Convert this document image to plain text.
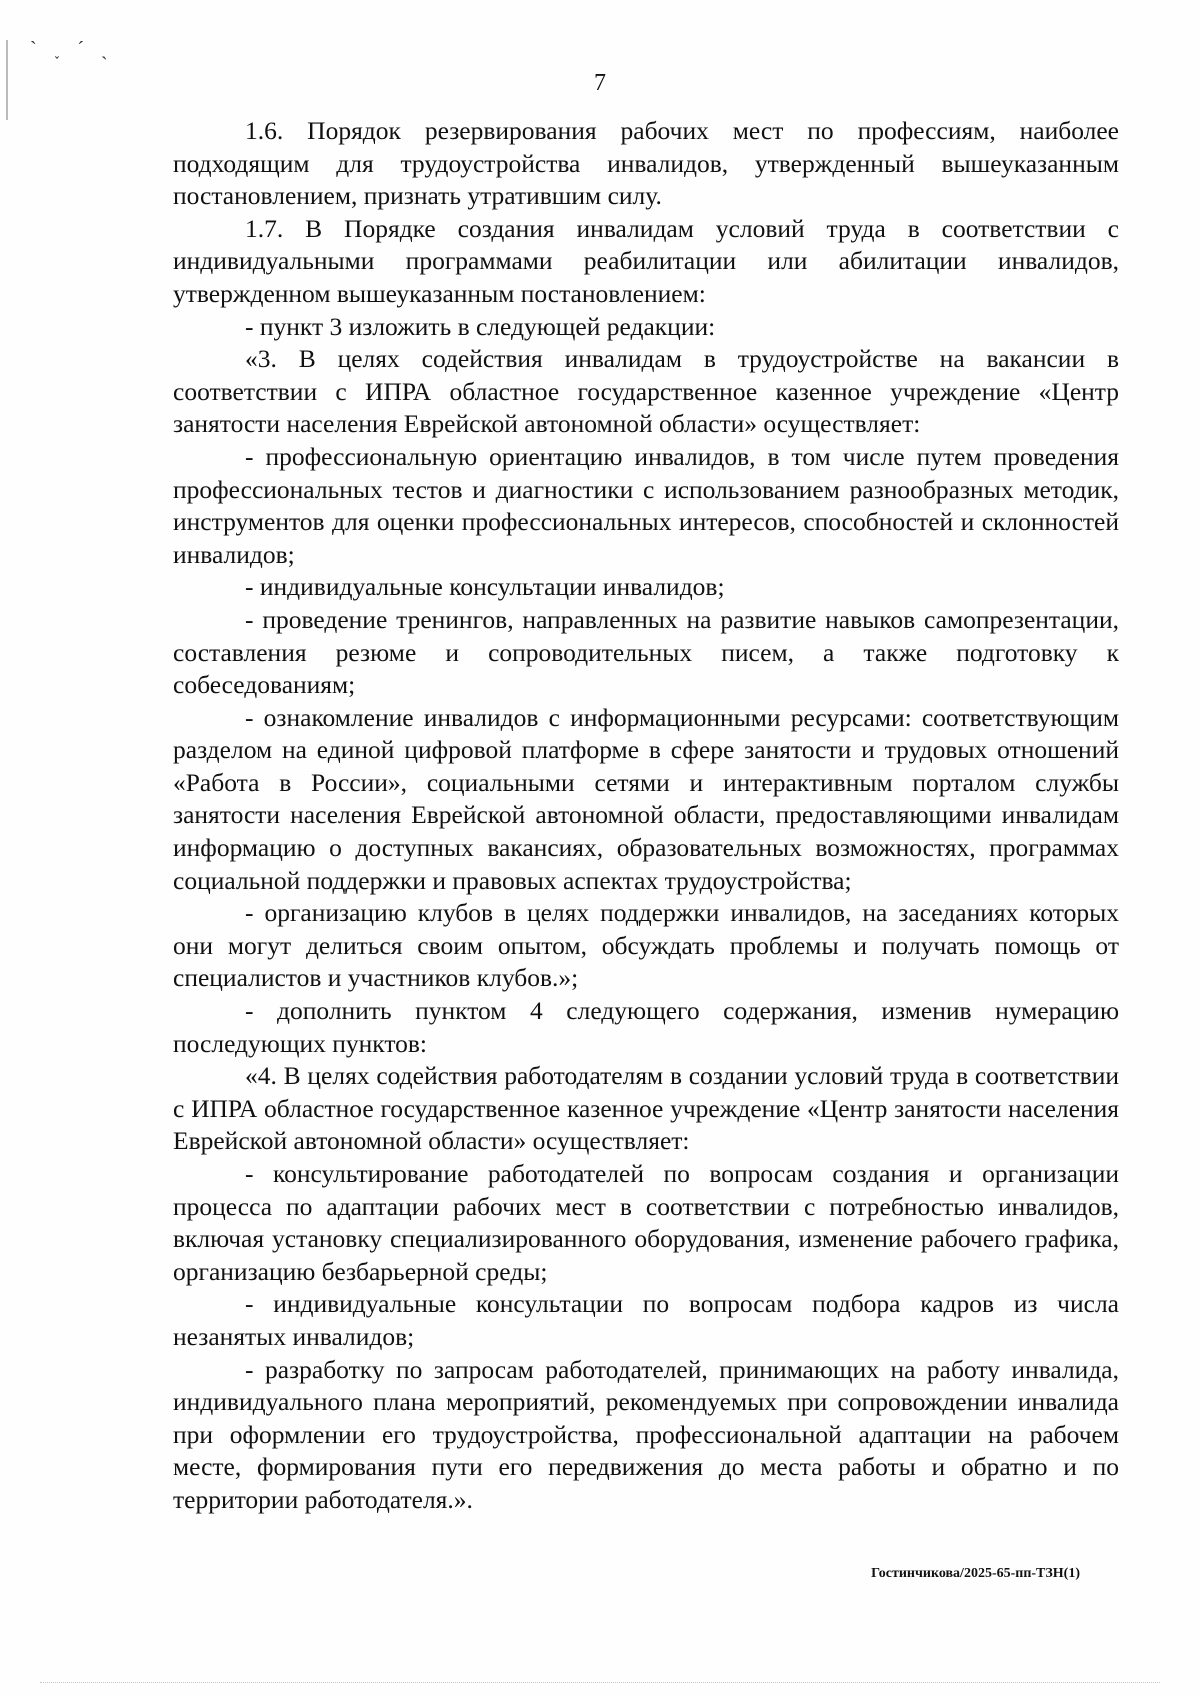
ˋ ˯ ˊ ˏ
7

1.6. Порядок резервирования рабочих мест по профессиям, наиболее подходящим для трудоустройства инвалидов, утвержденный вышеуказанным постановлением, признать утратившим силу.

1.7. В Порядке создания инвалидам условий труда в соответствии с индивидуальными программами реабилитации или абилитации инвалидов, утвержденном вышеуказанным постановлением:

- пункт 3 изложить в следующей редакции:

«3. В целях содействия инвалидам в трудоустройстве на вакансии в соответствии с ИПРА областное государственное казенное учреждение «Центр занятости населения Еврейской автономной области» осуществляет:

- профессиональную ориентацию инвалидов, в том числе путем проведения профессиональных тестов и диагностики с использованием разнообразных методик, инструментов для оценки профессиональных интересов, способностей и склонностей инвалидов;

- индивидуальные консультации инвалидов;

- проведение тренингов, направленных на развитие навыков самопрезентации, составления резюме и сопроводительных писем, а также подготовку к собеседованиям;

- ознакомление инвалидов с информационными ресурсами: соответствующим разделом на единой цифровой платформе в сфере занятости и трудовых отношений «Работа в России», социальными сетями и интерактивным порталом службы занятости населения Еврейской автономной области, предоставляющими инвалидам информацию о доступных вакансиях, образовательных возможностях, программах социальной поддержки и правовых аспектах трудоустройства;

- организацию клубов в целях поддержки инвалидов, на заседаниях которых они могут делиться своим опытом, обсуждать проблемы и получать помощь от специалистов и участников клубов.»;

- дополнить пунктом 4 следующего содержания, изменив нумерацию последующих пунктов:

«4. В целях содействия работодателям в создании условий труда в соответствии с ИПРА областное государственное казенное учреждение «Центр занятости населения Еврейской автономной области» осуществляет:

- консультирование работодателей по вопросам создания и организации процесса по адаптации рабочих мест в соответствии с потребностью инвалидов, включая установку специализированного оборудования, изменение рабочего графика, организацию безбарьерной среды;

- индивидуальные консультации по вопросам подбора кадров из числа незанятых инвалидов;

- разработку по запросам работодателей, принимающих на работу инвалида, индивидуального плана мероприятий, рекомендуемых при сопровождении инвалида при оформлении его трудоустройства, профессиональной адаптации на рабочем месте, формирования пути его передвижения до места работы и обратно и по территории работодателя.».

Гостинчикова/2025-65-пп-ТЗН(1)
